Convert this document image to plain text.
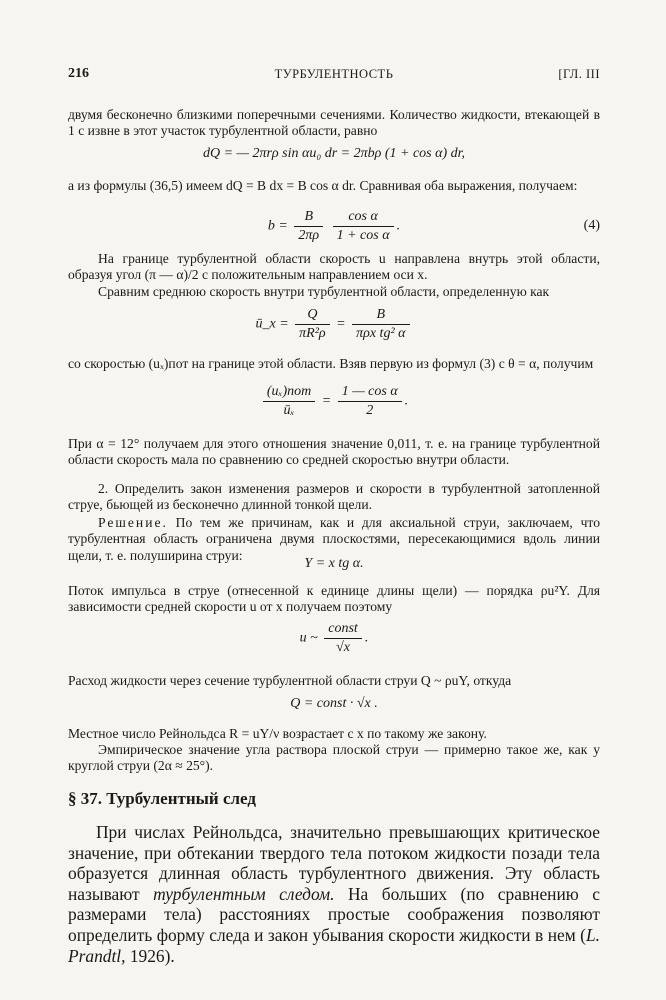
216	ТУРБУЛЕНТНОСТЬ	[ГЛ. III
двумя бесконечно близкими поперечными сечениями. Количество жидкости, втекающей в 1 с извне в этот участок турбулентной области, равно
dQ = — 2πrρ sin αu₀ dr = 2πbρ (1 + cos α) dr,
а из формулы (36,5) имеем dQ = B dx = B cos α dr. Сравнивая оба выражения, получаем:
$b = \frac{B}{2\pi\rho}$
$\frac{\text{cos α}}{\text{1 + cos α}}$ .	(4)
На границе турбулентной области скорость u направлена внутрь этой области, образуя угол (π — α)/2 с положительным направлением оси x.
Сравним среднюю скорость внутри турбулентной области, определенную как
ū_x = $\frac{Q}{\text{πR²ρ}} = \frac{B}{\text{πρx tg² α}}$
со скоростью (uₓ)пот на границе этой области. Взяв первую из формул (3) с θ = α, получим
$\frac{\text{(uₓ)пот}}{\text{ūₓ}} = \frac{\text{1 — cos α}}{2}$ .
При α = 12° получаем для этого отношения значение 0,011, т. е. на границе турбулентной области скорость мала по сравнению со средней скоростью внутри области.
2. Определить закон изменения размеров и скорости в турбулентной затопленной струе, бьющей из бесконечно длинной тонкой щели.
Решение. По тем же причинам, как и для аксиальной струи, заключаем, что турбулентная область ограничена двумя плоскостями, пересекающимися вдоль линии щели, т. е. полуширина струи:
Y = x tg α.
Поток импульса в струе (отнесенной к единице длины щели) — порядка ρu²Y. Для зависимости средней скорости u от x получаем поэтому
u ~ $\frac{\text{const}}{√x}$ .
Расход жидкости через сечение турбулентной области струи Q ~ ρuY, откуда
Q = const · √x .
Местное число Рейнольдса R = uY/ν возрастает с x по такому же закону.
Эмпирическое значение угла раствора плоской струи — примерно такое же, как у круглой струи (2α ≈ 25°).
§ 37. Турбулентный след
При числах Рейнольдса, значительно превышающих критическое значение, при обтекании твердого тела потоком жидкости позади тела образуется длинная область турбулентного движения. Эту область называют турбулентным следом. На больших (по сравнению с размерами тела) расстояниях простые соображения позволяют определить форму следа и закон убывания скорости жидкости в нем (L. Prandtl, 1926).
